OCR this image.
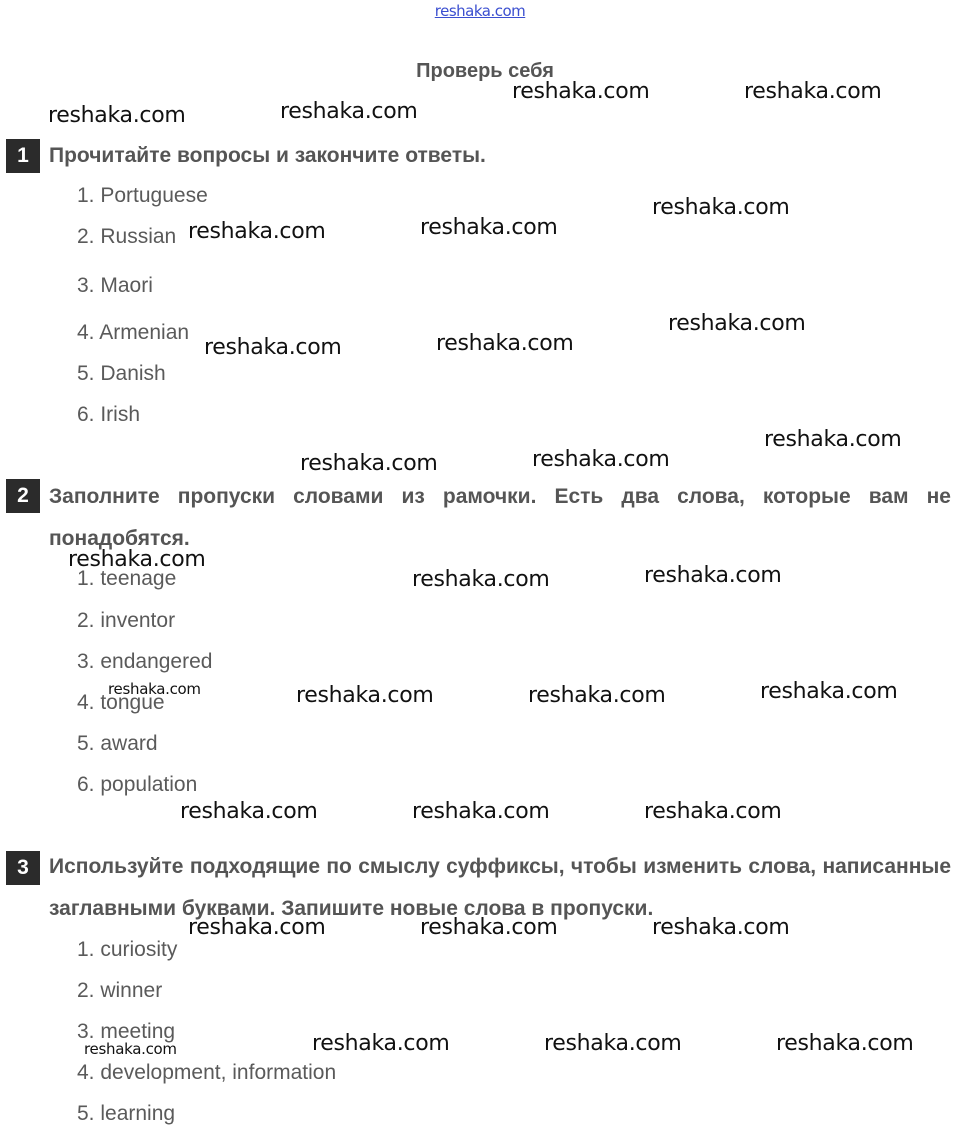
reshaka.com
Проверь себя
1 Прочитайте вопросы и закончите ответы.
1. Portuguese
2. Russian
3. Maori
4. Armenian
5. Danish
6. Irish
2 Заполните пропуски словами из рамочки. Есть два слова, которые вам не понадобятся.
1. teenage
2. inventor
3. endangered
4. tongue
5. award
6. population
3 Используйте подходящие по смыслу суффиксы, чтобы изменить слова, написанные заглавными буквами. Запишите новые слова в пропуски.
1. curiosity
2. winner
3. meeting
4. development, information
5. learning
reshaka.com	reshaka.com
reshaka.com	reshaka.com
reshaka.com	reshaka.com
reshaka.com
reshaka.com	reshaka.com
reshaka.com
reshaka.com	reshaka.com
reshaka.com
reshaka.com
reshaka.com	reshaka.com
reshaka.com	reshaka.com	reshaka.com	reshaka.com
reshaka.com	reshaka.com	reshaka.com
reshaka.com	reshaka.com	reshaka.com
reshaka.com	reshaka.com	reshaka.com	reshaka.com
